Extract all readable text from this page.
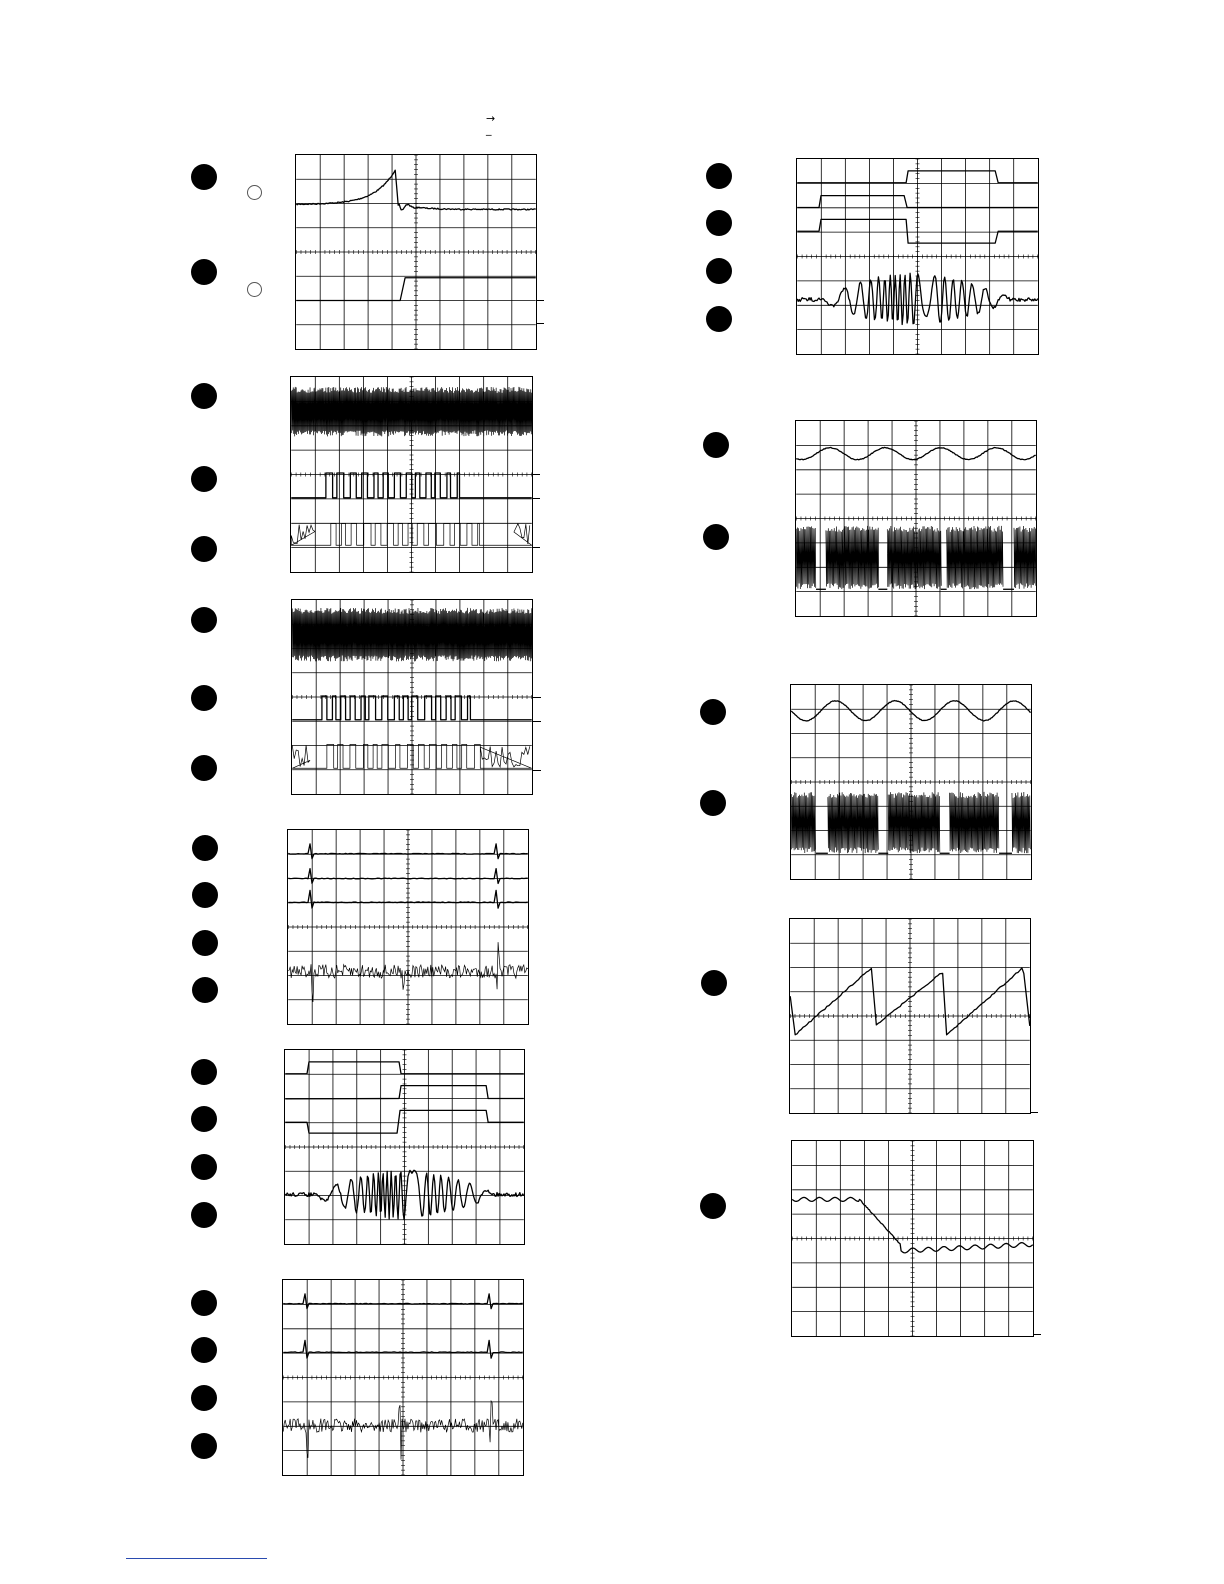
→
‾
